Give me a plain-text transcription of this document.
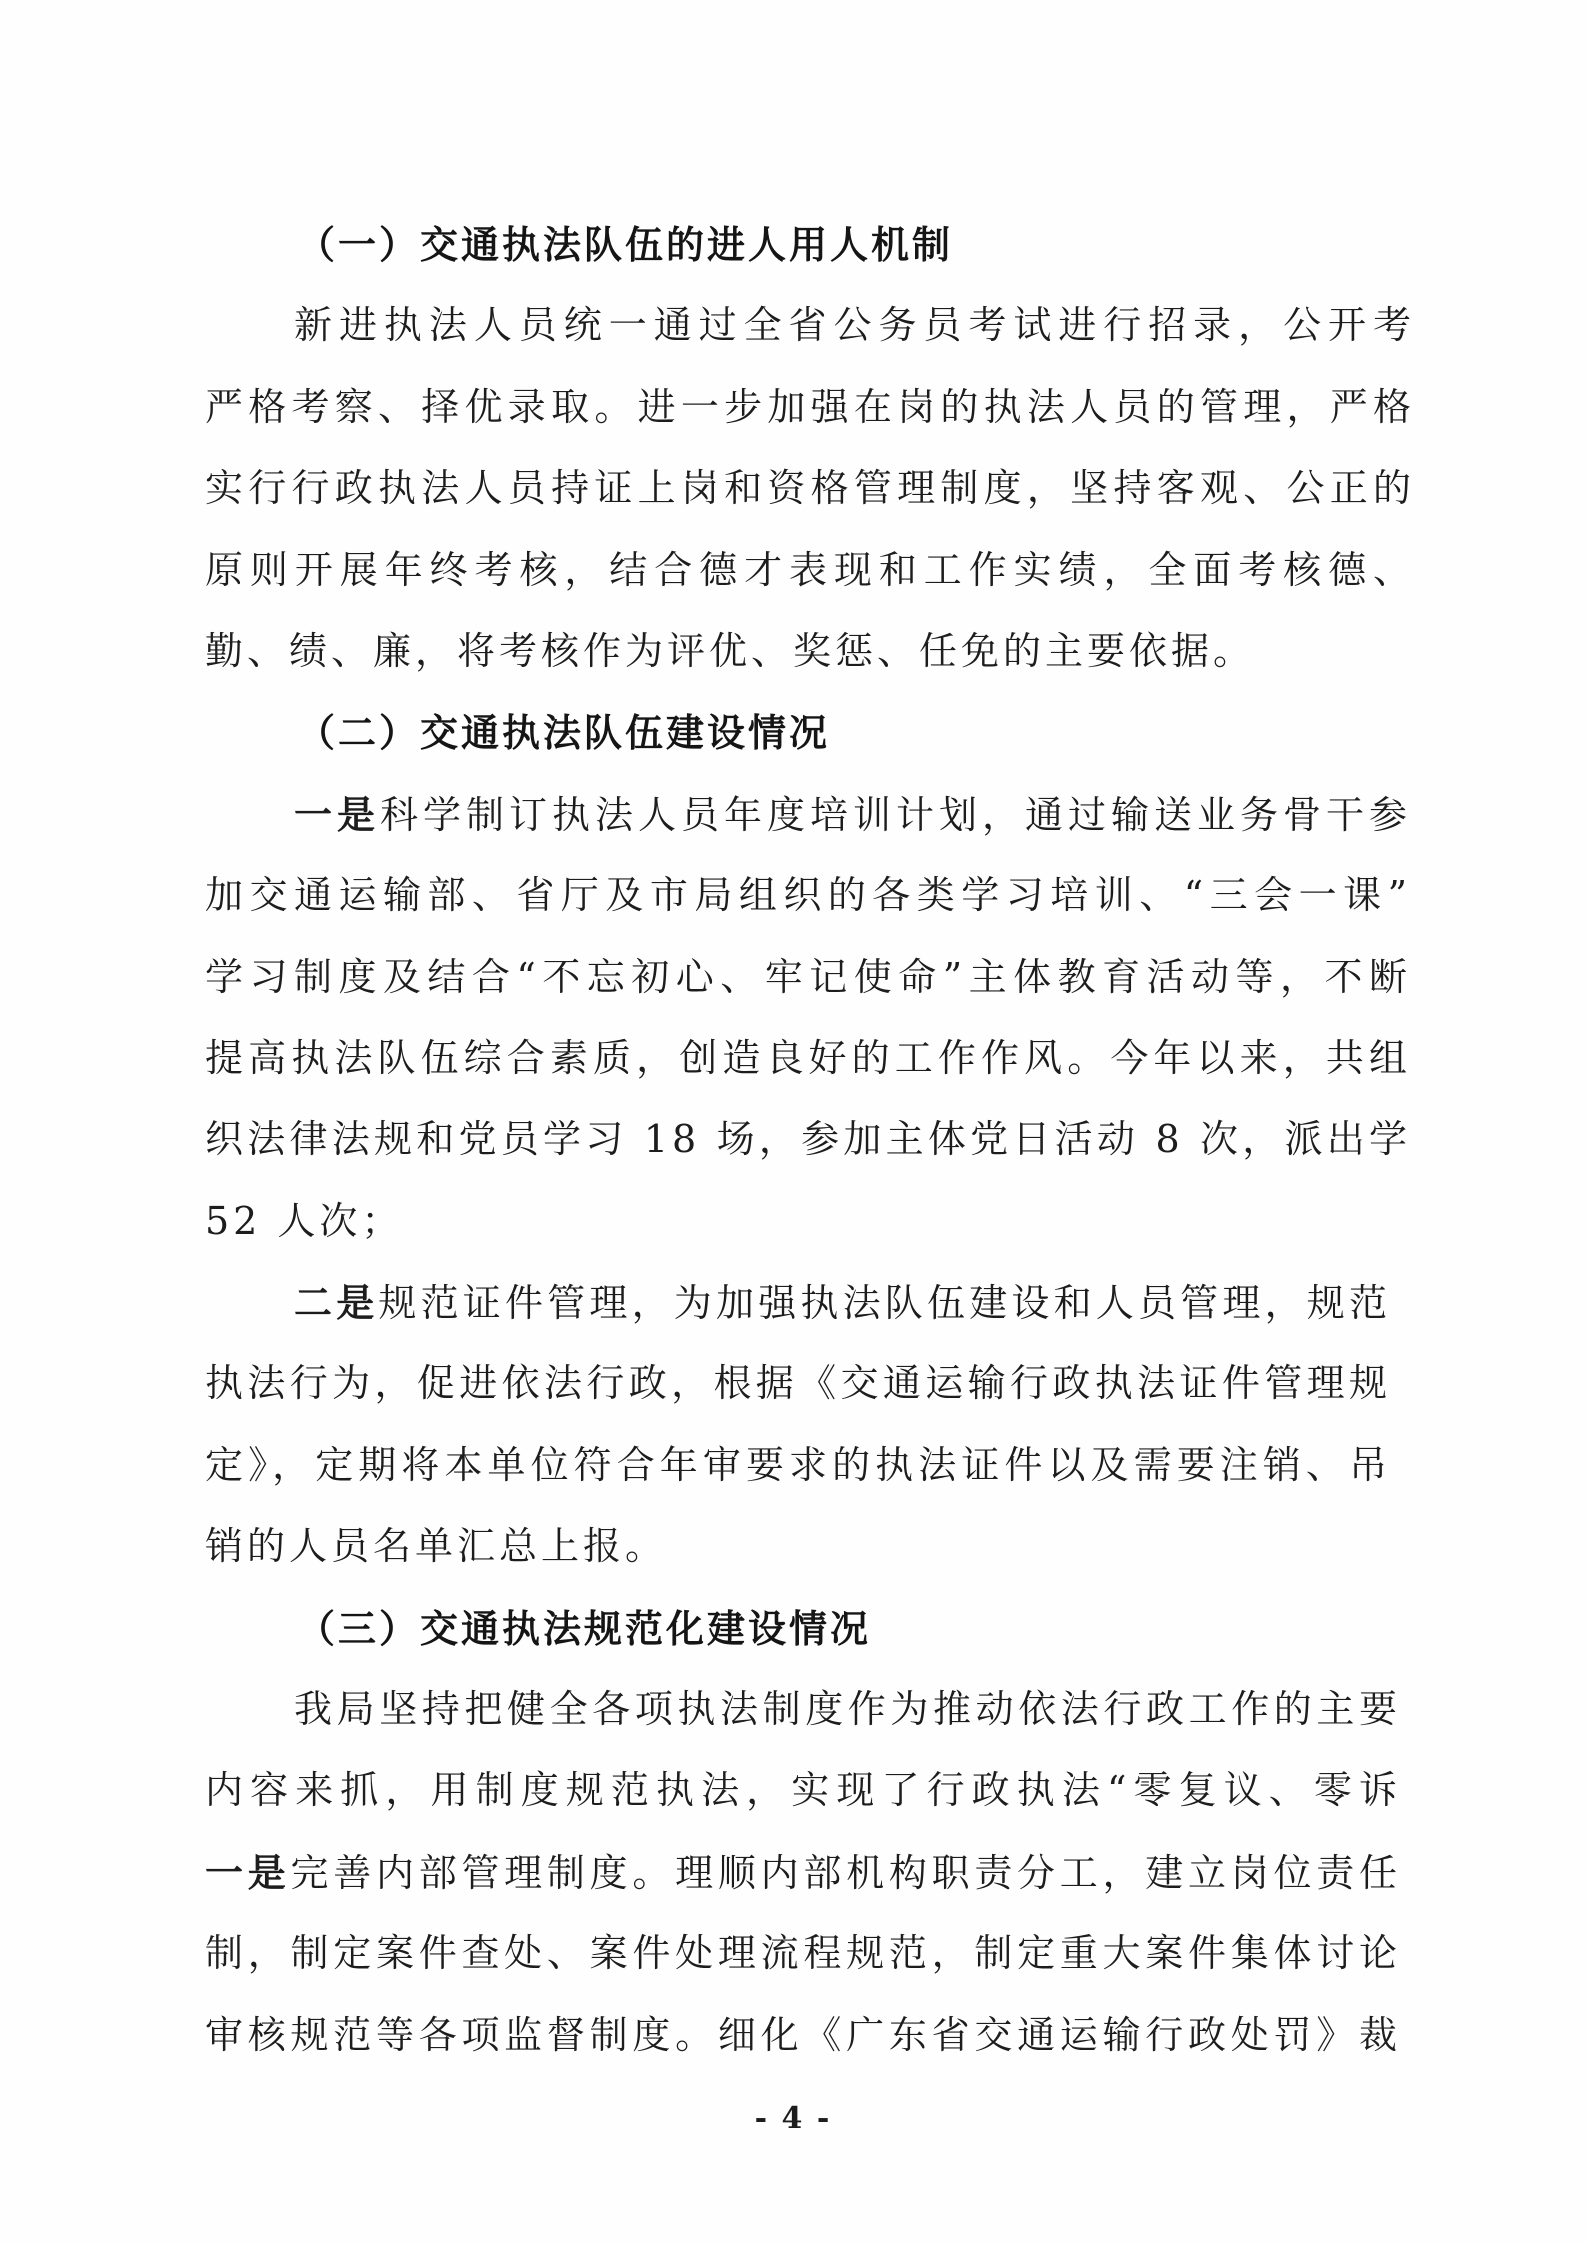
（一）交通执法队伍的进人用人机制
新进执法人员统一通过全省公务员考试进行招录，公开考
严格考察、择优录取。进一步加强在岗的执法人员的管理，严格
实行行政执法人员持证上岗和资格管理制度，坚持客观、公正的
原则开展年终考核，结合德才表现和工作实绩，全面考核德、
勤、绩、廉，将考核作为评优、奖惩、任免的主要依据。
（二）交通执法队伍建设情况
一是科学制订执法人员年度培训计划，通过输送业务骨干参
加交通运输部、省厅及市局组织的各类学习培训、“三会一课”
学习制度及结合“不忘初心、牢记使命”主体教育活动等，不断
提高执法队伍综合素质，创造良好的工作作风。今年以来，共组
织法律法规和党员学习 18 场，参加主体党日活动 8 次，派出学
52 人次；
二是规范证件管理，为加强执法队伍建设和人员管理，规范
执法行为，促进依法行政，根据《交通运输行政执法证件管理规
定》，定期将本单位符合年审要求的执法证件以及需要注销、吊
销的人员名单汇总上报。
（三）交通执法规范化建设情况
我局坚持把健全各项执法制度作为推动依法行政工作的主要
内容来抓，用制度规范执法，实现了行政执法“零复议、零诉
一是完善内部管理制度。理顺内部机构职责分工，建立岗位责任
制，制定案件查处、案件处理流程规范，制定重大案件集体讨论
审核规范等各项监督制度。细化《广东省交通运输行政处罚》裁
- 4 -
